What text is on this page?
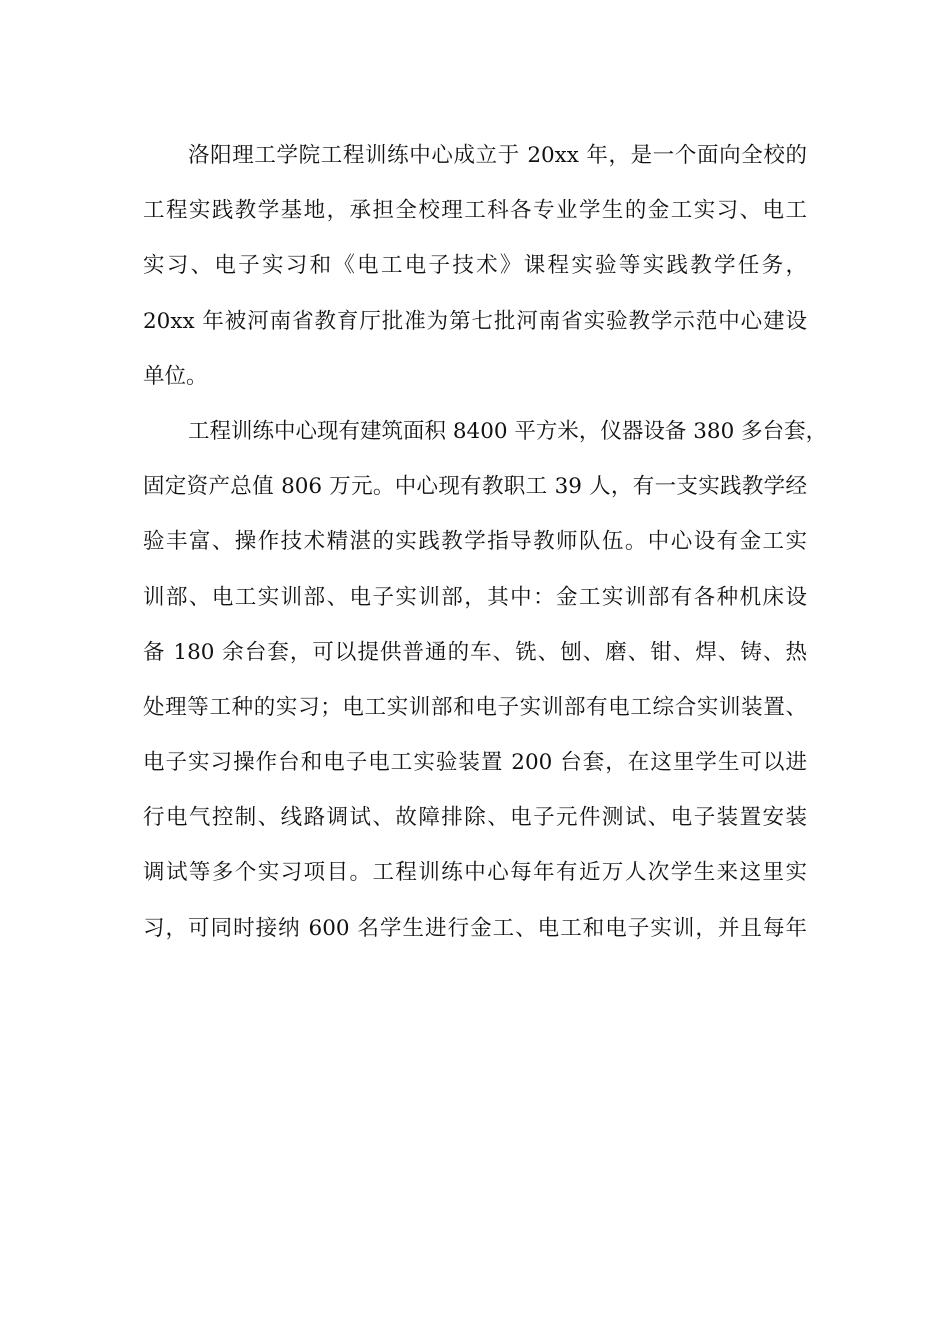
洛阳理工学院工程训练中心成立于 20xx 年，是一个面向全校的
工程实践教学基地，承担全校理工科各专业学生的金工实习、电工
实习、电子实习和《电工电子技术》课程实验等实践教学任务，
20xx 年被河南省教育厅批准为第七批河南省实验教学示范中心建设
单位。
工程训练中心现有建筑面积 8400 平方米，仪器设备 380 多台套，
固定资产总值 806 万元。中心现有教职工 39 人，有一支实践教学经
验丰富、操作技术精湛的实践教学指导教师队伍。中心设有金工实
训部、电工实训部、电子实训部，其中：金工实训部有各种机床设
备 180 余台套，可以提供普通的车、铣、刨、磨、钳、焊、铸、热
处理等工种的实习；电工实训部和电子实训部有电工综合实训装置、
电子实习操作台和电子电工实验装置 200 台套，在这里学生可以进
行电气控制、线路调试、故障排除、电子元件测试、电子装置安装
调试等多个实习项目。工程训练中心每年有近万人次学生来这里实
习，可同时接纳 600 名学生进行金工、电工和电子实训，并且每年
